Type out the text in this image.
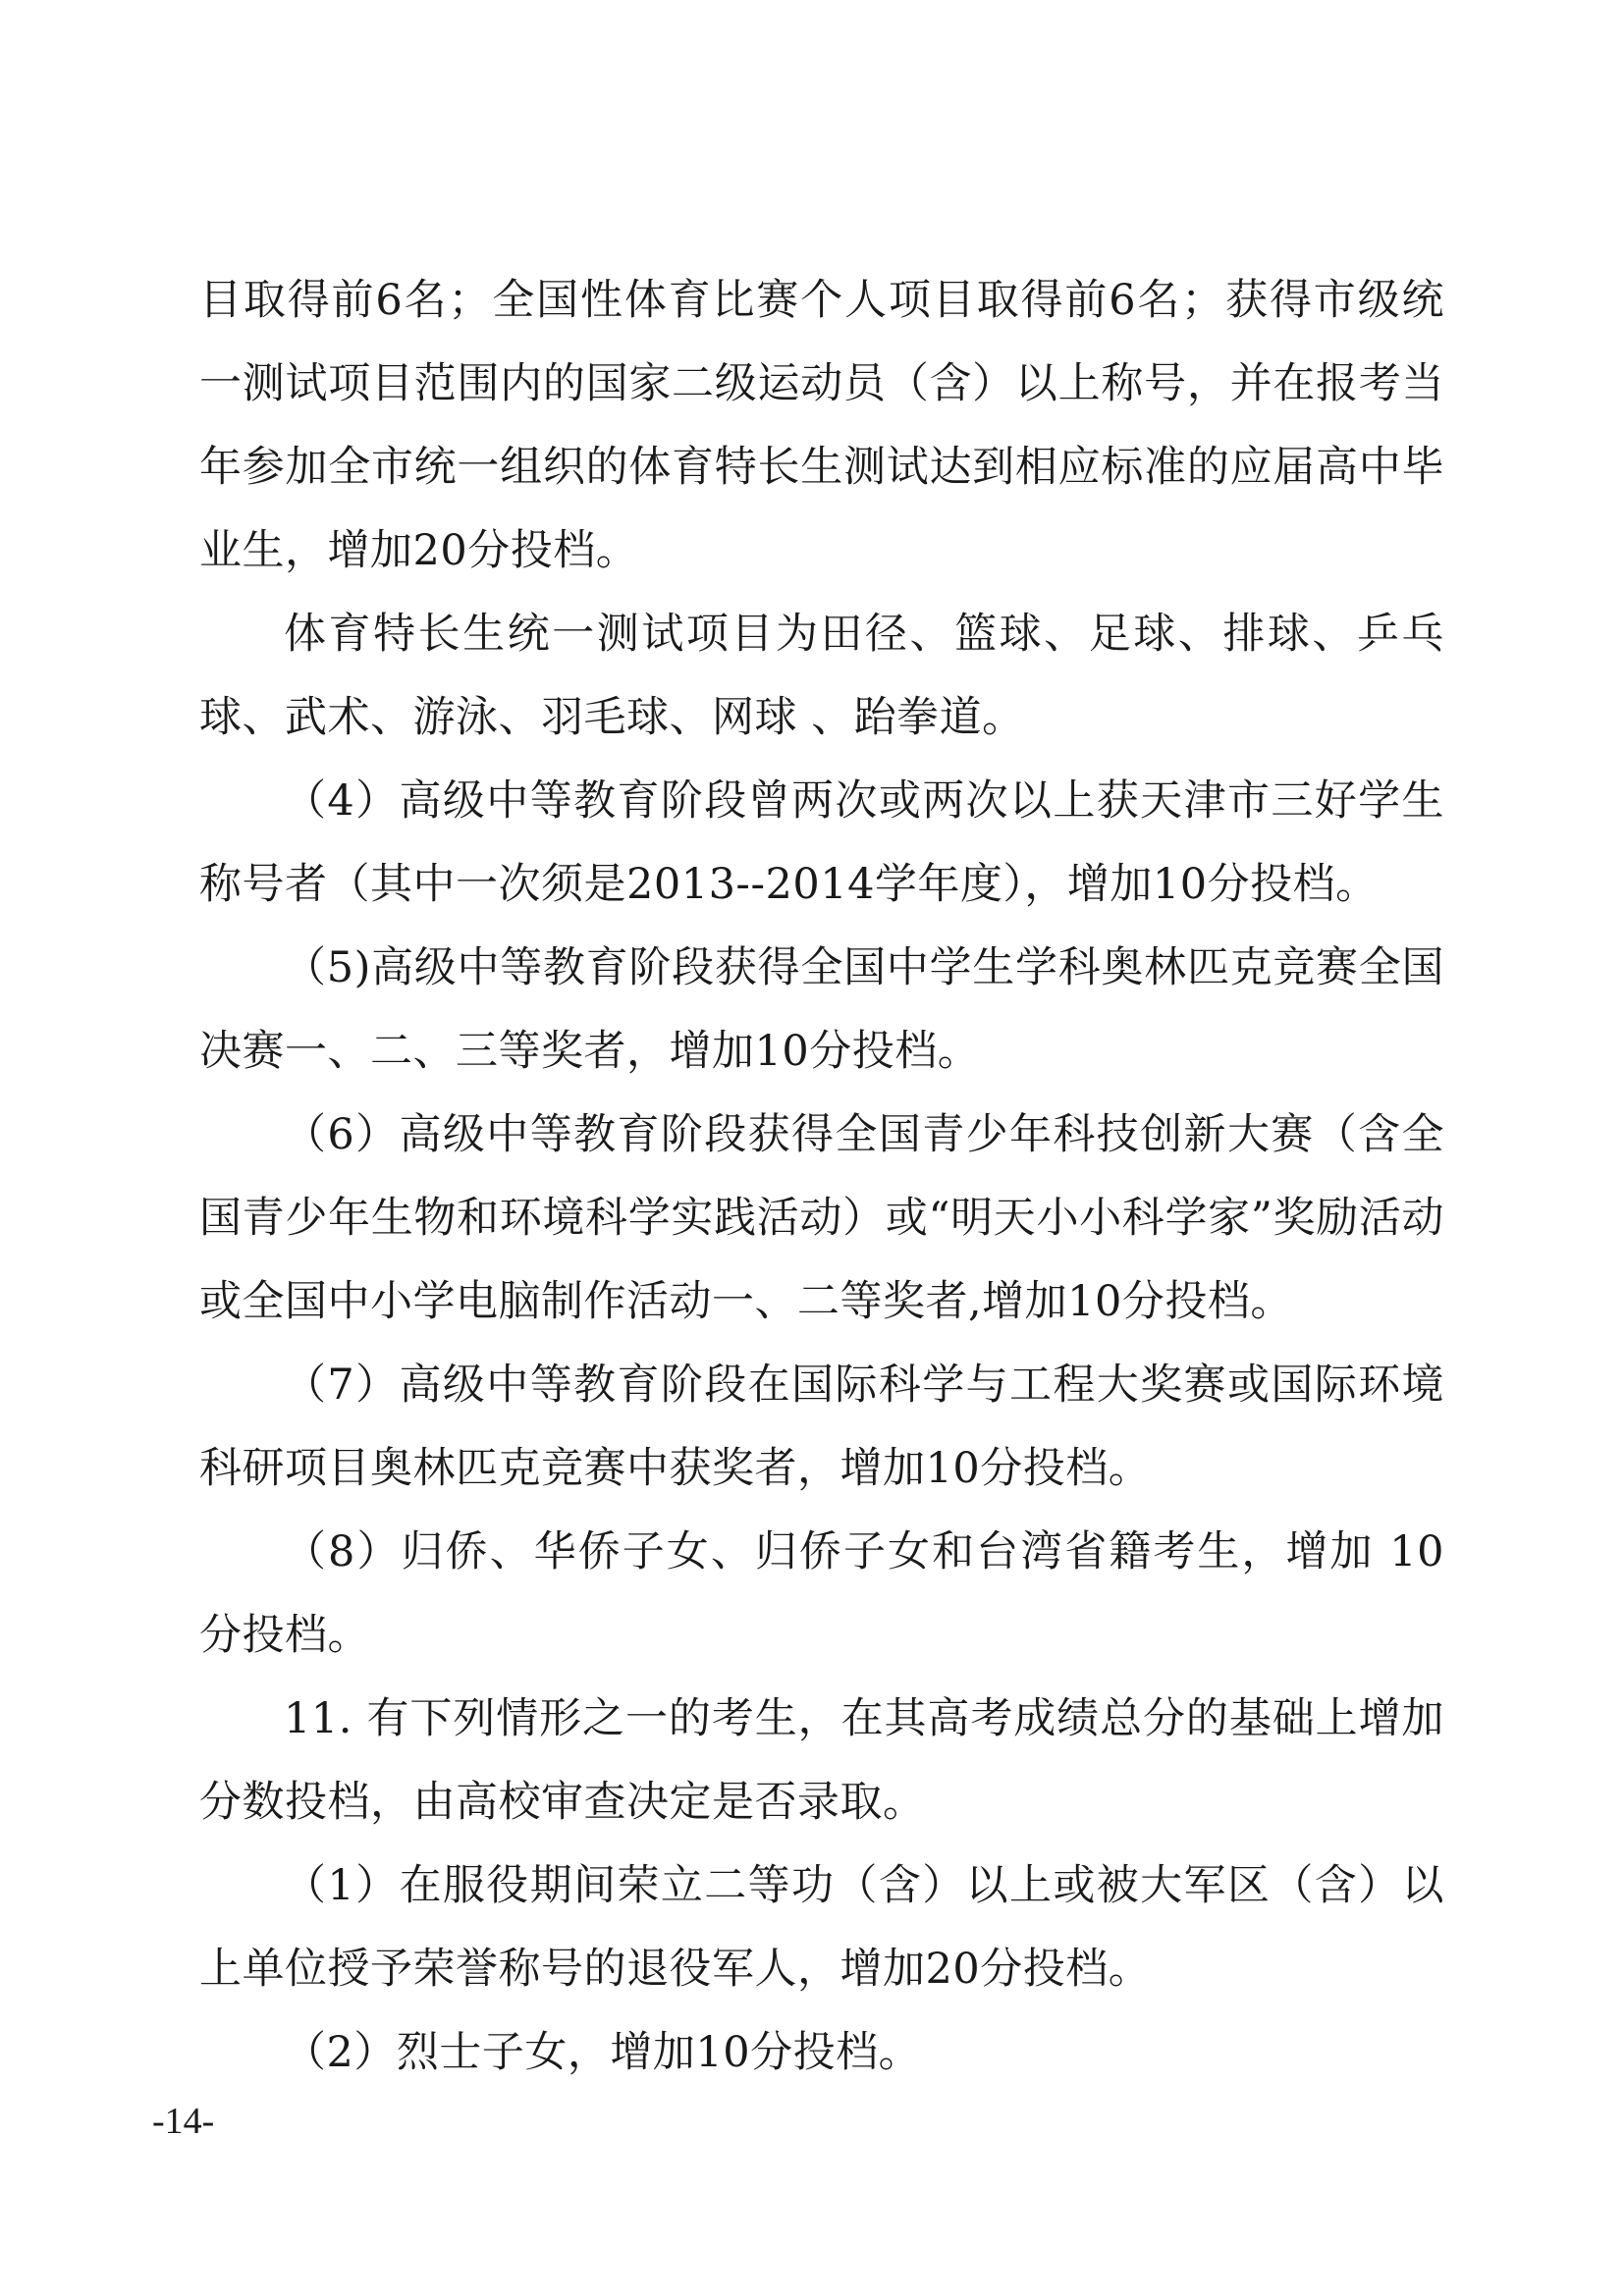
目取得前6名；全国性体育比赛个人项目取得前6名；获得市级统一测试项目范围内的国家二级运动员（含）以上称号，并在报考当年参加全市统一组织的体育特长生测试达到相应标准的应届高中毕业生，增加20分投档。

体育特长生统一测试项目为田径、篮球、足球、排球、乒乓球、武术、游泳、羽毛球、网球 、跆拳道。

（4）高级中等教育阶段曾两次或两次以上获天津市三好学生称号者（其中一次须是2013--2014学年度），增加10分投档。

（5)高级中等教育阶段获得全国中学生学科奥林匹克竞赛全国决赛一、二、三等奖者，增加10分投档。

（6）高级中等教育阶段获得全国青少年科技创新大赛（含全国青少年生物和环境科学实践活动）或“明天小小科学家”奖励活动或全国中小学电脑制作活动一、二等奖者,增加10分投档。

（7）高级中等教育阶段在国际科学与工程大奖赛或国际环境科研项目奥林匹克竞赛中获奖者，增加10分投档。

（8）归侨、华侨子女、归侨子女和台湾省籍考生，增加 10分投档。

11. 有下列情形之一的考生，在其高考成绩总分的基础上增加分数投档，由高校审查决定是否录取。

（1）在服役期间荣立二等功（含）以上或被大军区（含）以上单位授予荣誉称号的退役军人，增加20分投档。

（2）烈士子女，增加10分投档。

-14-
